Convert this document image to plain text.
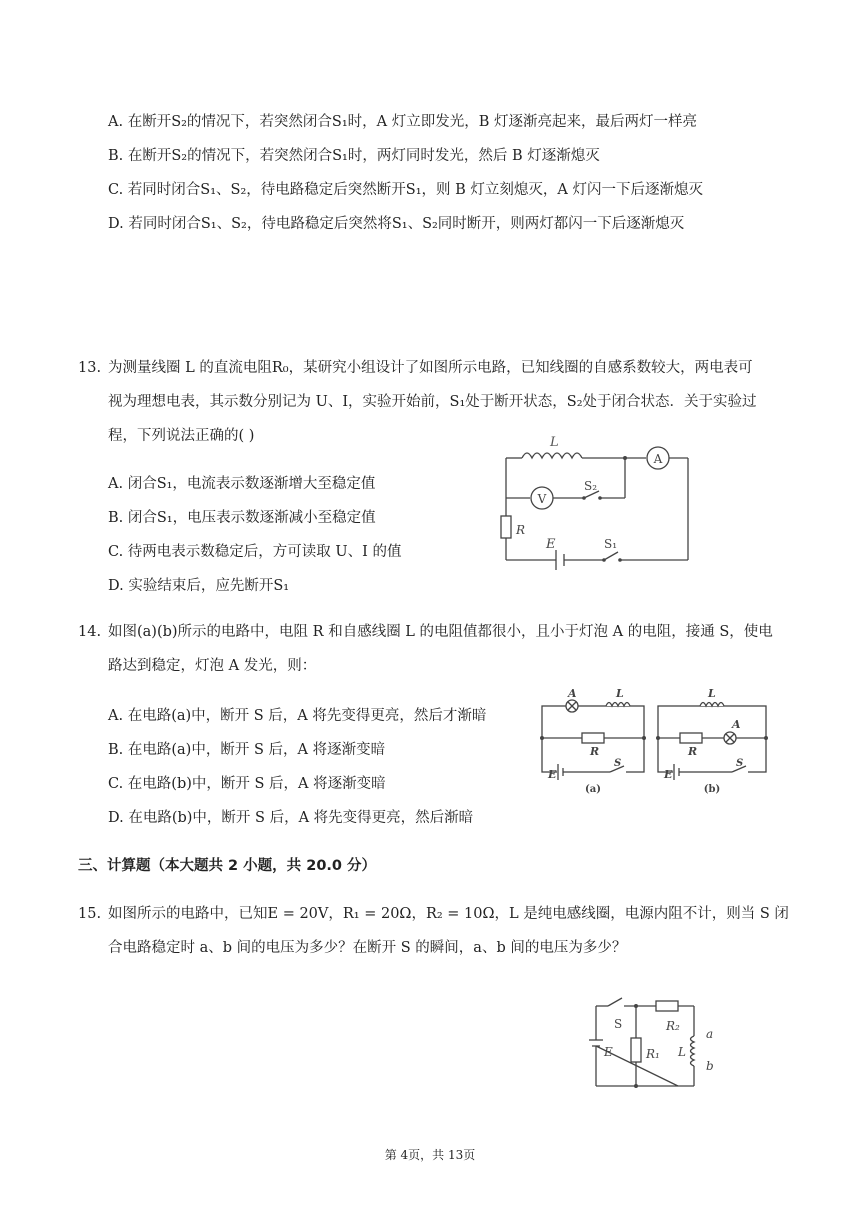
A. 在断开S₂的情况下，若突然闭合S₁时，A 灯立即发光，B 灯逐渐亮起来，最后两灯一样亮
B. 在断开S₂的情况下，若突然闭合S₁时，两灯同时发光，然后 B 灯逐渐熄灭
C. 若同时闭合S₁、S₂，待电路稳定后突然断开S₁，则 B 灯立刻熄灭，A 灯闪一下后逐渐熄灭
D. 若同时闭合S₁、S₂，待电路稳定后突然将S₁、S₂同时断开，则两灯都闪一下后逐渐熄灭
13. 为测量线圈 L 的直流电阻R₀，某研究小组设计了如图所示电路，已知线圈的自感系数较大，两电表可
视为理想电表，其示数分别记为 U、I，实验开始前，S₁处于断开状态，S₂处于闭合状态．关于实验过
程，下列说法正确的( )
A. 闭合S₁，电流表示数逐渐增大至稳定值
B. 闭合S₁，电压表示数逐渐减小至稳定值
C. 待两电表示数稳定后，方可读取 U、I 的值
D. 实验结束后，应先断开S₁
L
A
V
S₂
R
E	S₁
14. 如图(a)(b)所示的电路中，电阻 R 和自感线圈 L 的电阻值都很小，且小于灯泡 A 的电阻，接通 S，使电
路达到稳定，灯泡 A 发光，则：
A. 在电路(a)中，断开 S 后，A 将先变得更亮，然后才渐暗
B. 在电路(a)中，断开 S 后，A 将逐渐变暗
C. 在电路(b)中，断开 S 后，A 将逐渐变暗
D. 在电路(b)中，断开 S 后，A 将先变得更亮，然后渐暗
A	L
R
E
S
(a)
L
A
R
E
S
(b)
三、计算题（本大题共 2 小题，共 20.0 分）
15. 如图所示的电路中，已知E = 20V，R₁ = 20Ω，R₂ = 10Ω，L 是纯电感线圈，电源内阻不计，则当 S 闭
合电路稳定时 a、b 间的电压为多少？在断开 S 的瞬间，a、b 间的电压为多少？
S	R₂
E	R₁ L
a
b
第 4页，共 13页
